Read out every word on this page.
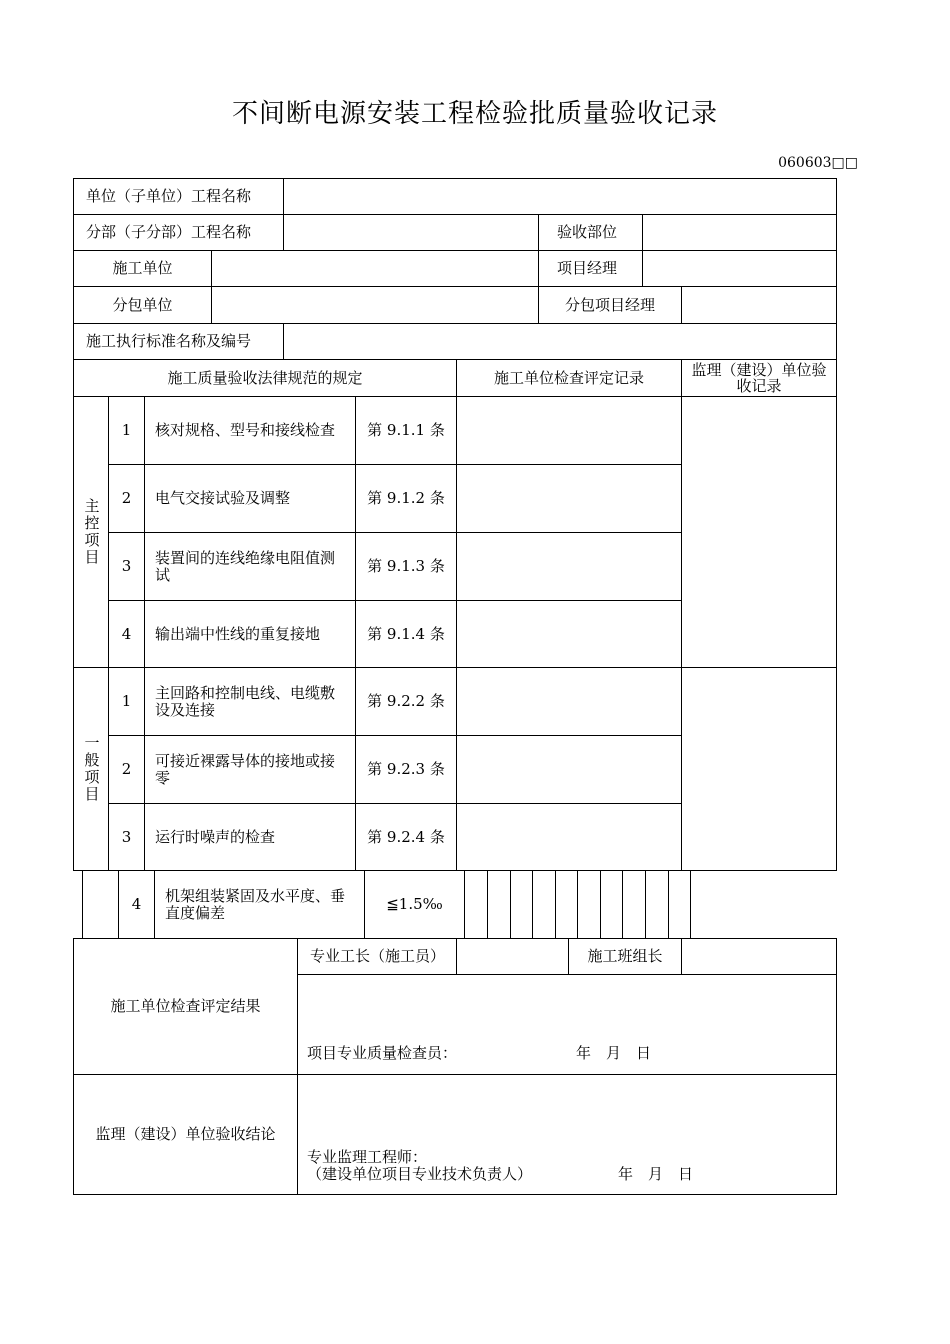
不间断电源安装工程检验批质量验收记录
060603□□
单位（子单位）工程名称
分部（子分部）工程名称	验收部位
施工单位	项目经理
分包单位	分包项目经理
施工执行标准名称及编号
施工质量验收法律规范的规定	施工单位检查评定记录	监理（建设）单位验收记录
主控项目
1	核对规格、型号和接线检查	第 9.1.1 条
2	电气交接试验及调整	第 9.1.2 条
3	装置间的连线绝缘电阻值测试	第 9.1.3 条
4	输出端中性线的重复接地	第 9.1.4 条
一般项目
1	主回路和控制电线、电缆敷设及连接	第 9.2.2 条
2	可接近裸露导体的接地或接零	第 9.2.3 条
3	运行时噪声的检查	第 9.2.4 条
4	机架组装紧固及水平度、垂直度偏差	≦1.5‰
施工单位检查评定结果
专业工长（施工员）	施工班组长
项目专业质量检查员：	年　月　日
监理（建设）单位验收结论
专业监理工程师：
（建设单位项目专业技术负责人）	年　月　日
